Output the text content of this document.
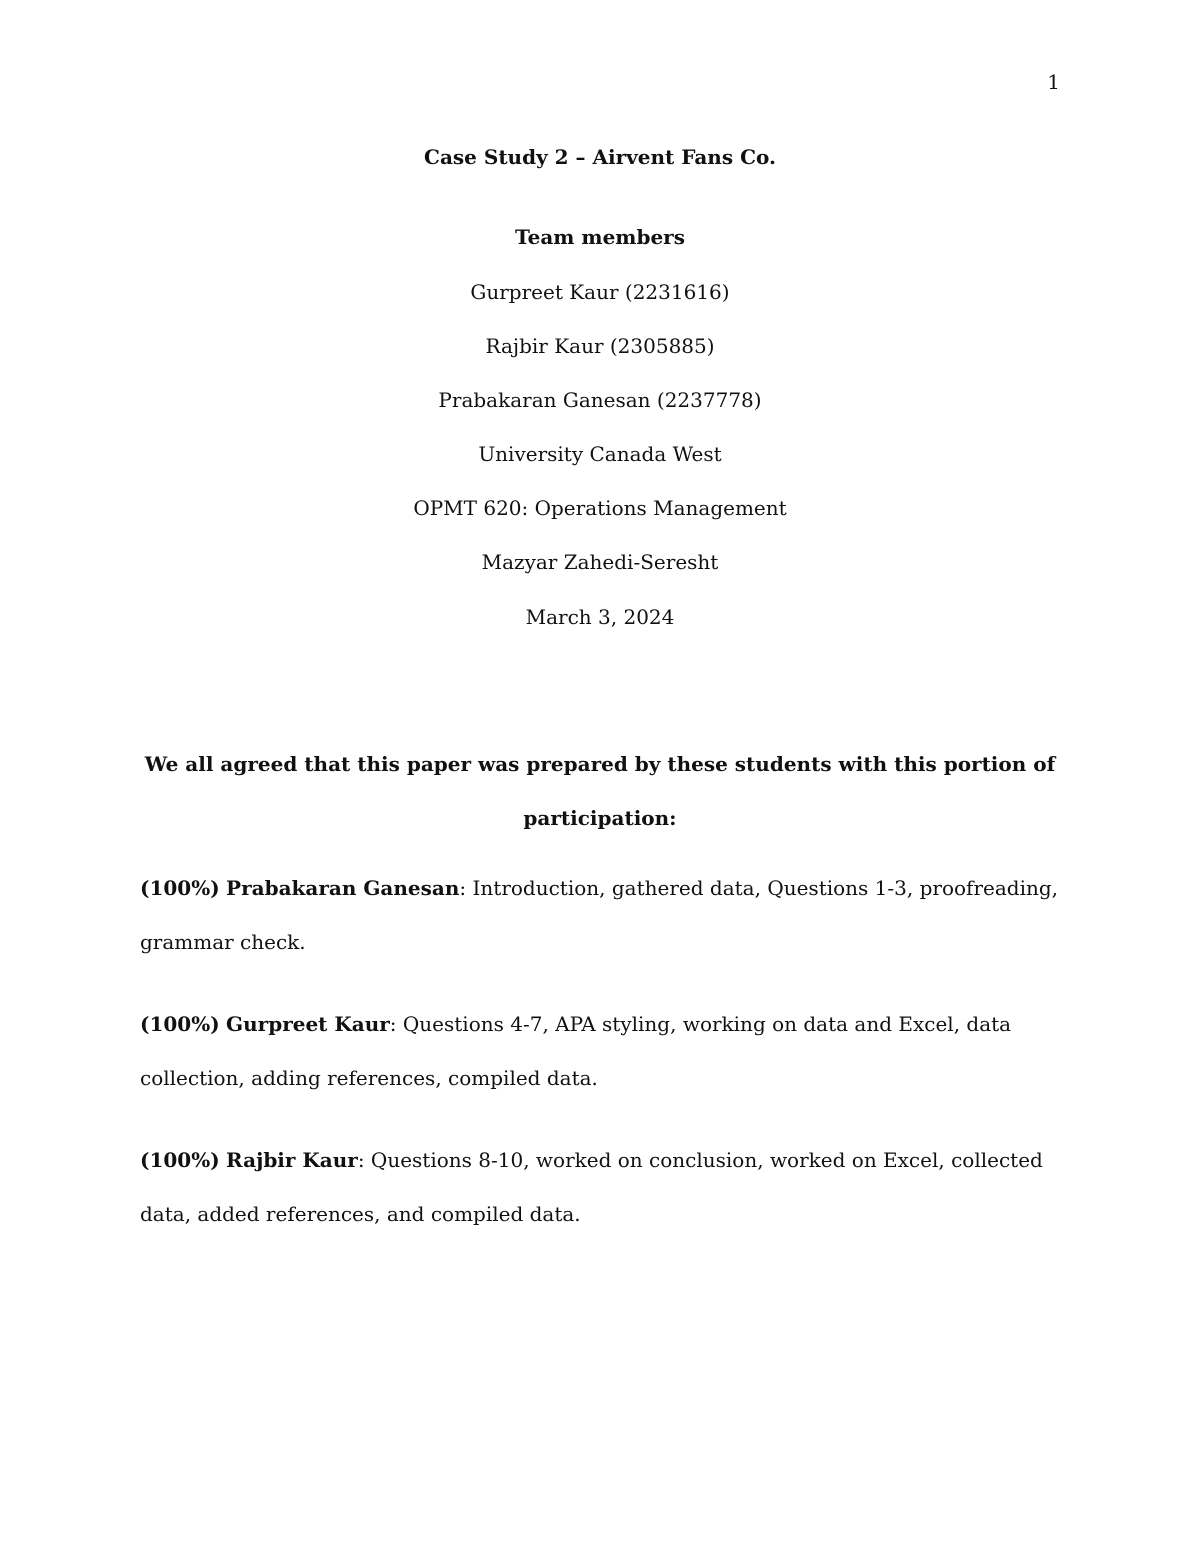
1
Case Study 2 – Airvent Fans Co.
Team members
Gurpreet Kaur (2231616)
Rajbir Kaur (2305885)
Prabakaran Ganesan (2237778)
University Canada West
OPMT 620: Operations Management
Mazyar Zahedi-Seresht
March 3, 2024
We all agreed that this paper was prepared by these students with this portion of participation:
(100%) Prabakaran Ganesan: Introduction, gathered data, Questions 1-3, proofreading, grammar check.
(100%) Gurpreet Kaur: Questions 4-7, APA styling, working on data and Excel, data collection, adding references, compiled data.
(100%) Rajbir Kaur: Questions 8-10, worked on conclusion, worked on Excel, collected data, added references, and compiled data.
